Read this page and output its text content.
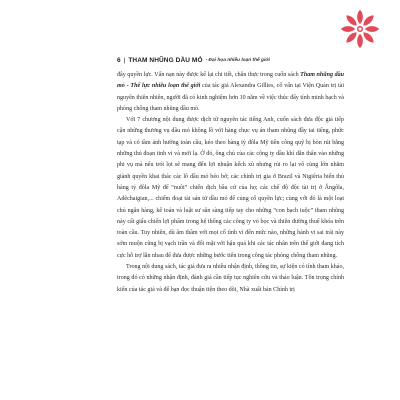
6 | THAM NHŨNG DẦU MỎ - Đại họa nhiễu loạn thế giới

đây quyền lực. Vấn nạn này được kể lại chi tiết, chân thực trong cuốn sách Tham nhũng dầu mỏ - Thế lực nhiễu loạn thế giới của tác giả Alexandra Gillies, cố vấn tại Viện Quản trị tài nguyên thiên nhiên, người đã có kinh nghiệm hơn 10 năm về việc thúc đẩy tính minh bạch và phòng chống tham nhũng dầu mỏ.

Với 7 chương nội dung được dịch từ nguyên tác tiếng Anh, cuốn sách đưa độc giả tiếp cận những thương vụ dầu mỏ không lồ với hàng chục vụ án tham nhũng đầy tai tiếng, phức tạp và có tầm ảnh hưởng toàn cầu, kéo theo hàng tỷ đôla Mỹ tiền công quỹ bị bòn rút bằng những thủ đoạn tinh vi và mới lạ. Ở đó, ông chủ của các công ty dầu khí dẫn thân vào những phi vụ mà nếu trót lọt sẽ mang đến lợi nhuận kếch xù nhưng rủi ro lại vô cùng lớn nhằm giành quyền khai thác các lô dầu mỏ béo bở; các chính trị gia ở Brazil và Nigiêria biến thủ hàng tỷ đôla Mỹ để “nuôi” chiến dịch bầu cử của họ; các chế độ độc tài trị ở Ăngôla, Adêchaigian,... chiếm đoạt tài sản từ dầu mỏ để củng cố quyền lực; cùng với đó là một loạt chủ ngân hàng, kế toán và luật sư sẵn sàng tiếp tay cho những “con bạch tuộc” tham nhũng này cất giấu chiến lợi phẩm trong hệ thống các công ty vỏ bọc và thiên đường thuế khóa trên toàn cầu. Tuy nhiên, dù âm thầm với mọi cố tình vì đến mức nào, những hành vi sai trái này sớm muộn cũng bị vạch trần và đối mặt với hậu quả khi các tác nhân trên thế giới đang tích cực hỗ trợ lẫn nhau để đưa được những bước tiến trong công tác phòng chống tham nhũng.

Trong nội dung sách, tác giả đưa ra nhiều nhận định, thông tin, sự kiện có tính tham khảo, trong đó có những nhận định, đánh giá cần tiếp tục nghiên cứu và thảo luận. Tôn trọng chính kiến của tác giả và để bạn đọc thuận tiện theo dõi, Nhà xuất bản Chính trị
